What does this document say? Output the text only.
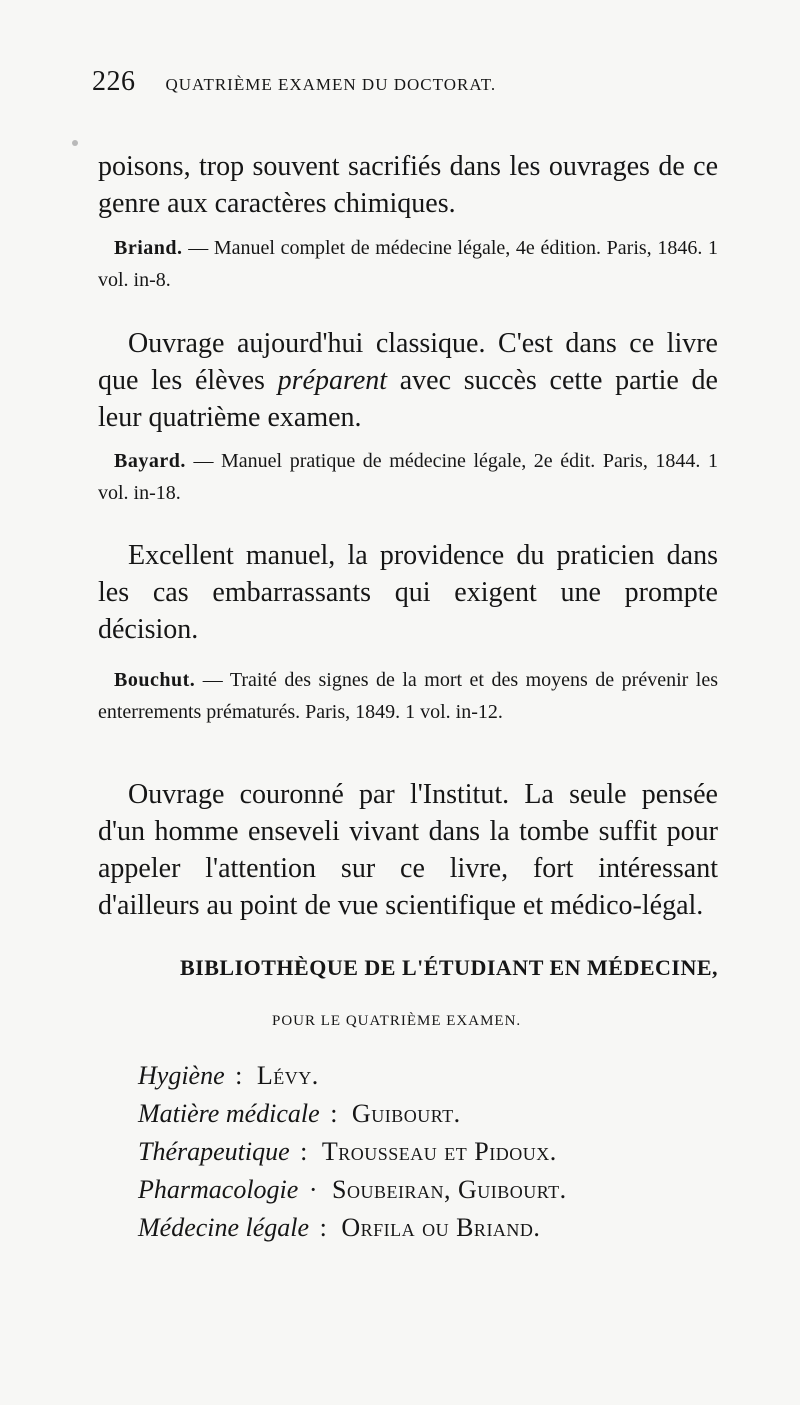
226 QUATRIÈME EXAMEN DU DOCTORAT.

poisons, trop souvent sacrifiés dans les ouvrages de ce genre aux caractères chimiques.

Briand. — Manuel complet de médecine légale, 4e édition. Paris, 1846. 1 vol. in-8.

Ouvrage aujourd'hui classique. C'est dans ce livre que les élèves préparent avec succès cette partie de leur quatrième examen.

Bayard. — Manuel pratique de médecine légale, 2e édit. Paris, 1844. 1 vol. in-18.

Excellent manuel, la providence du praticien dans les cas embarrassants qui exigent une prompte décision.

Bouchut. — Traité des signes de la mort et des moyens de prévenir les enterrements prématurés. Paris, 1849. 1 vol. in-12.

Ouvrage couronné par l'Institut. La seule pensée d'un homme enseveli vivant dans la tombe suffit pour appeler l'attention sur ce livre, fort intéressant d'ailleurs au point de vue scientifique et médico-légal.

BIBLIOTHÈQUE DE L'ÉTUDIANT EN MÉDECINE,
POUR LE QUATRIÈME EXAMEN.
Hygiène : Lévy.
Matière médicale : Guibourt.
Thérapeutique : Trousseau et Pidoux.
Pharmacologie · Soubeiran, Guibourt.
Médecine légale : Orfila ou Briand.
